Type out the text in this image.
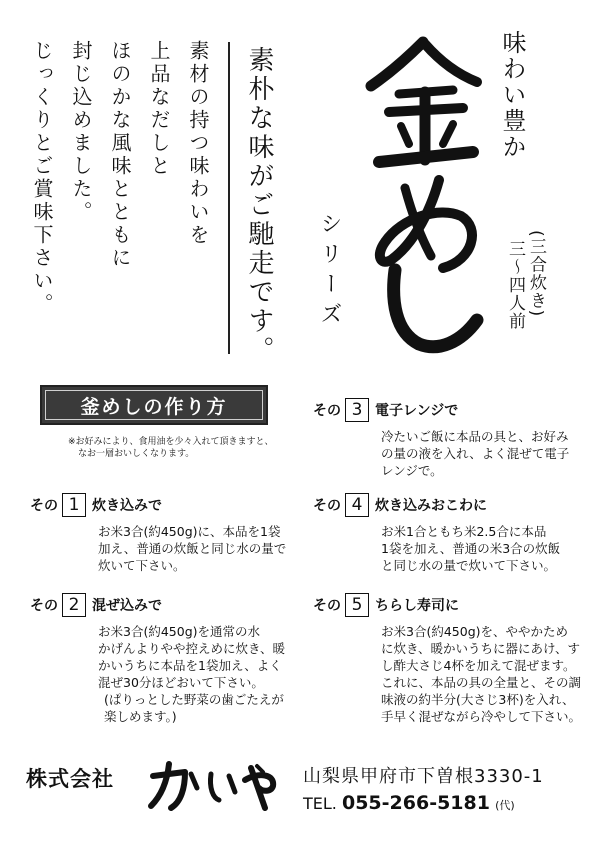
じっくりとご賞味下さい。 封じ込めました。 ほのかな風味とともに 上品なだしと 素材の持つ味わいを 素朴な味がご馳走です。	味わい豊か
シリーズ	(三合炊き)
三〜四人前
釜めしの作り方
※お好みにより、食用油を少々入れて頂きますと、
なお一層おいしくなります。
その 1 炊き込みで
お米3合(約450g)に、本品を1袋
加え、普通の炊飯と同じ水の量で
炊いて下さい。
その 2 混ぜ込みで
お米3合(約450g)を通常の水
かげんよりやや控えめに炊き、暖
かいうちに本品を1袋加え、よく
混ぜ30分ほどおいて下さい。
(ぱりっとした野菜の歯ごたえが
楽しめます。)
その 3 電子レンジで
冷たいご飯に本品の具と、お好み
の量の液を入れ、よく混ぜて電子
レンジで。
その 4 炊き込みおこわに
お米1合ともち米2.5合に本品
1袋を加え、普通の米3合の炊飯
と同じ水の量で炊いて下さい。
その 5 ちらし寿司に
お米3合(約450g)を、ややかため
に炊き、暖かいうちに器にあけ、す
し酢大さじ4杯を加えて混ぜます。
これに、本品の具の全量と、その調
味液の約半分(大さじ3杯)を入れ、
手早く混ぜながら冷やして下さい。
株式会社	山梨県甲府市下曽根3330-1
TEL. 055-266-5181 (代)
